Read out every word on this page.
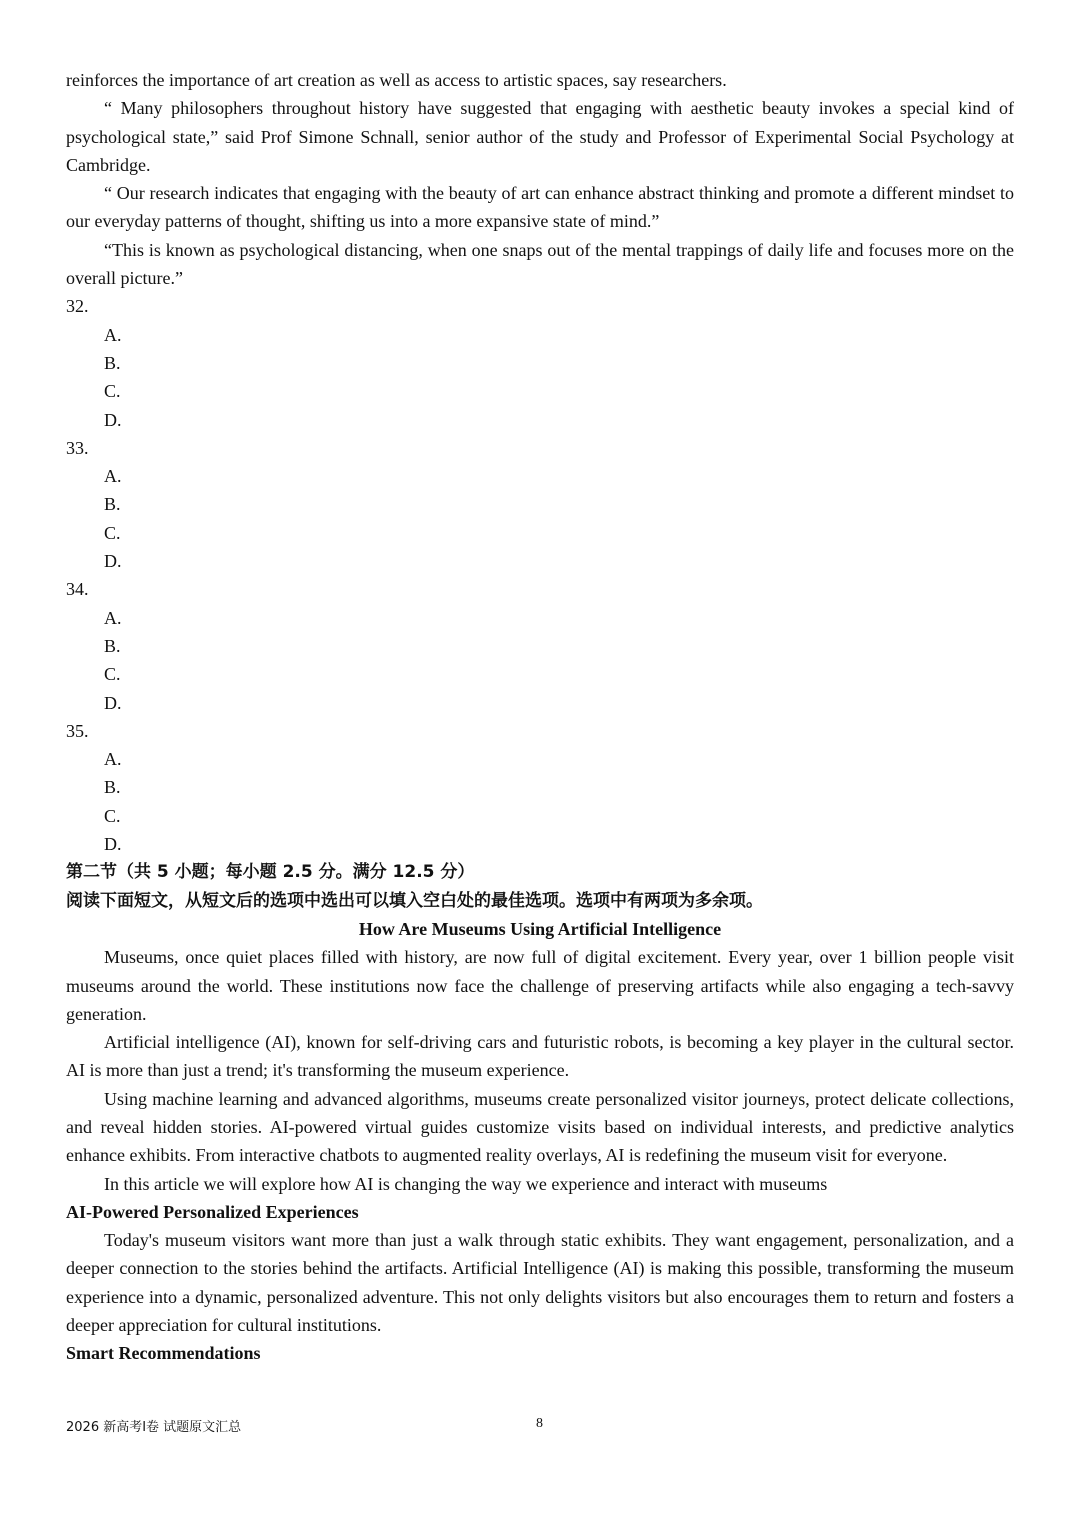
reinforces the importance of art creation as well as access to artistic spaces, say researchers.

“ Many philosophers throughout history have suggested that engaging with aesthetic beauty invokes a special kind of psychological state,” said Prof Simone Schnall, senior author of the study and Professor of Experimental Social Psychology at Cambridge.

“ Our research indicates that engaging with the beauty of art can enhance abstract thinking and promote a different mindset to our everyday patterns of thought, shifting us into a more expansive state of mind.”

“This is known as psychological distancing, when one snaps out of the mental trappings of daily life and focuses more on the overall picture.”

32.

A.

B.

C.

D.

33.

A.

B.

C.

D.

34.

A.

B.

C.

D.

35.

A.

B.

C.

D.

第二节（共 5 小题；每小题 2.5 分。满分 12.5 分）

阅读下面短文，从短文后的选项中选出可以填入空白处的最佳选项。选项中有两项为多余项。

How Are Museums Using Artificial Intelligence

Museums, once quiet places filled with history, are now full of digital excitement. Every year, over 1 billion people visit museums around the world. These institutions now face the challenge of preserving artifacts while also engaging a tech-savvy generation.

Artificial intelligence (AI), known for self-driving cars and futuristic robots, is becoming a key player in the cultural sector. AI is more than just a trend; it's transforming the museum experience.

Using machine learning and advanced algorithms, museums create personalized visitor journeys, protect delicate collections, and reveal hidden stories. AI-powered virtual guides customize visits based on individual interests, and predictive analytics enhance exhibits. From interactive chatbots to augmented reality overlays, AI is redefining the museum visit for everyone.

In this article we will explore how AI is changing the way we experience and interact with museums

AI-Powered Personalized Experiences

Today's museum visitors want more than just a walk through static exhibits. They want engagement, personalization, and a deeper connection to the stories behind the artifacts. Artificial Intelligence (AI) is making this possible, transforming the museum experience into a dynamic, personalized adventure. This not only delights visitors but also encourages them to return and fosters a deeper appreciation for cultural institutions.

Smart Recommendations

2026 新高考I卷 试题原文汇总	8
